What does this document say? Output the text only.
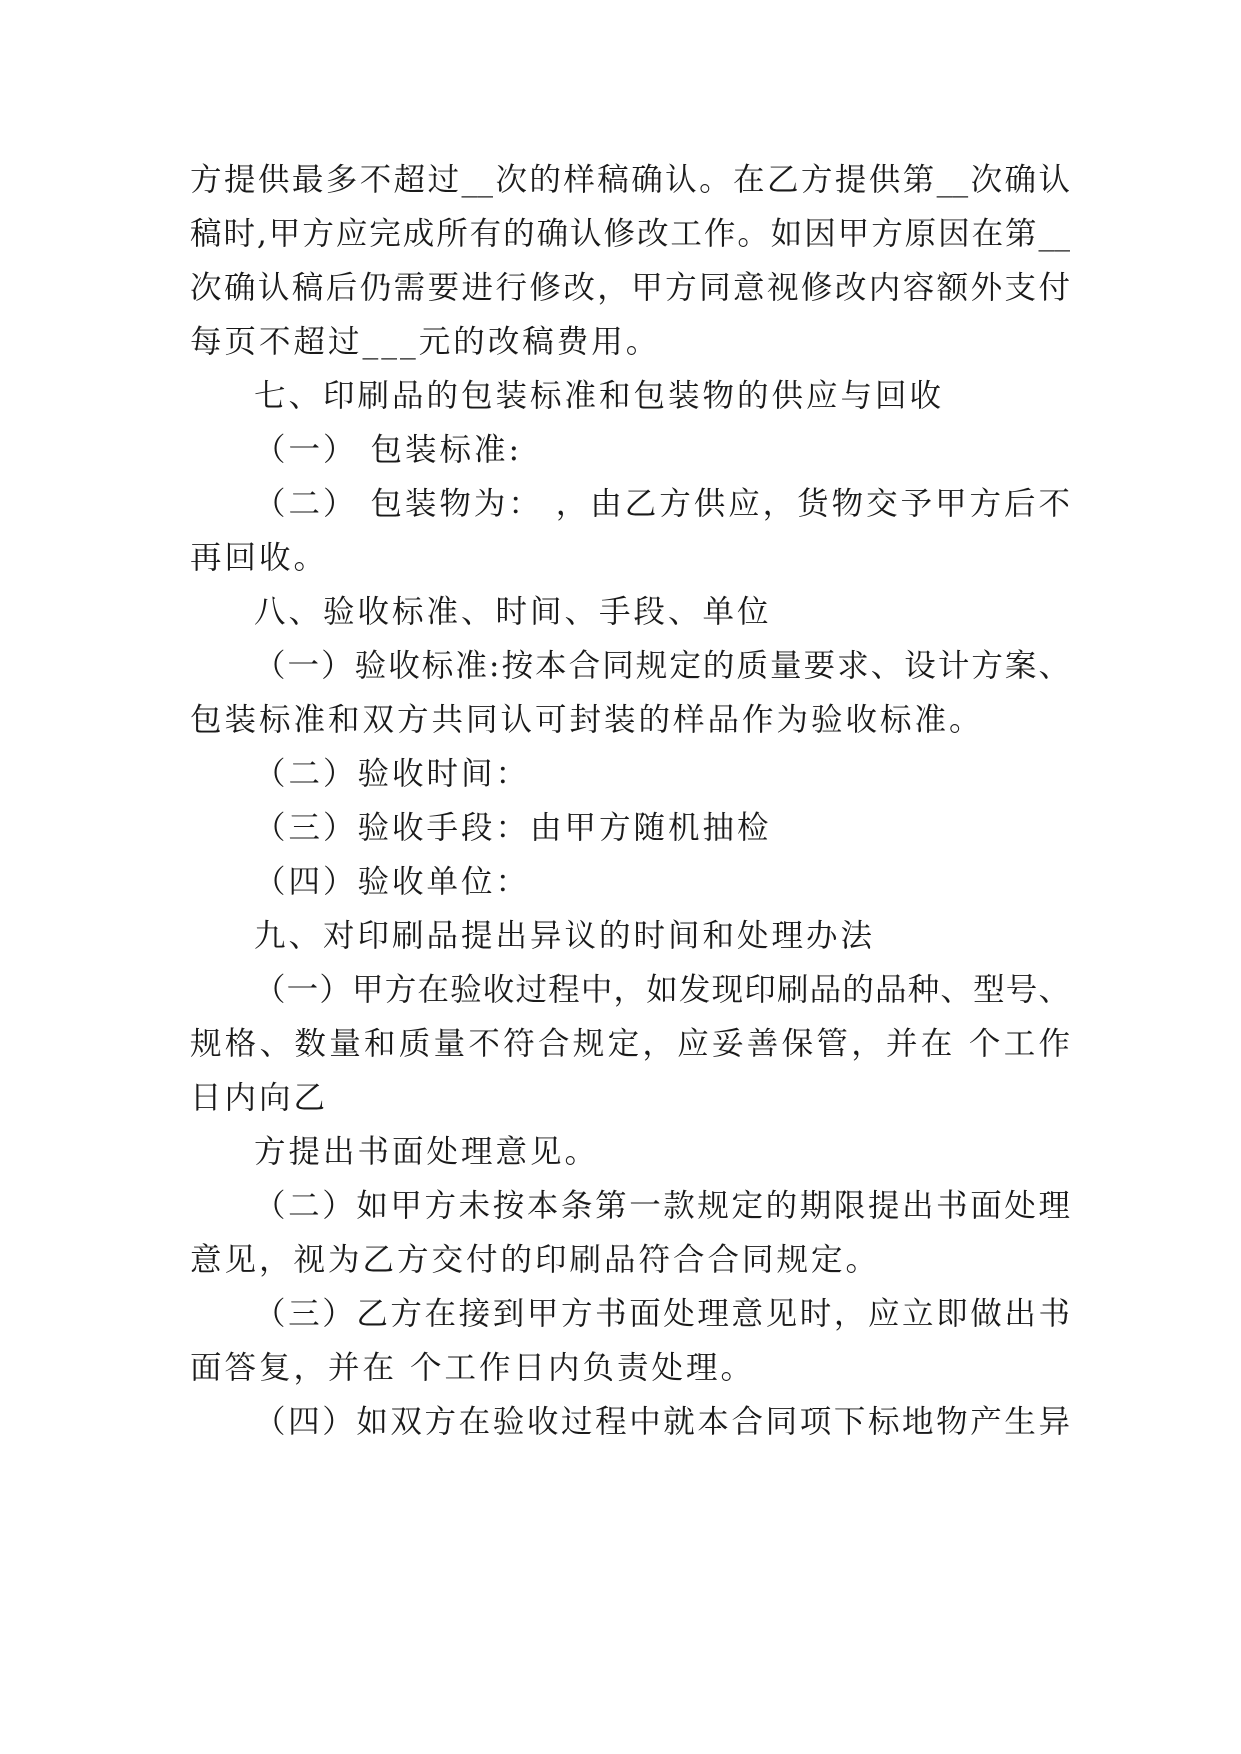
方提供最多不超过__次的样稿确认。在乙方提供第__次确认
稿时,甲方应完成所有的确认修改工作。如因甲方原因在第__
次确认稿后仍需要进行修改，甲方同意视修改内容额外支付
每页不超过___元的改稿费用。
七、印刷品的包装标准和包装物的供应与回收
（一） 包装标准:
（二） 包装物为： ，由乙方供应，货物交予甲方后不
再回收。
八、验收标准、时间、手段、单位
（一）验收标准:按本合同规定的质量要求、设计方案、
包装标准和双方共同认可封装的样品作为验收标准。
（二）验收时间：
（三）验收手段：由甲方随机抽检
（四）验收单位：
九、对印刷品提出异议的时间和处理办法
（一）甲方在验收过程中，如发现印刷品的品种、型号、
规格、数量和质量不符合规定，应妥善保管，并在 个工作
日内向乙
方提出书面处理意见。
（二）如甲方未按本条第一款规定的期限提出书面处理
意见，视为乙方交付的印刷品符合合同规定。
（三）乙方在接到甲方书面处理意见时，应立即做出书
面答复，并在 个工作日内负责处理。
（四）如双方在验收过程中就本合同项下标地物产生异
